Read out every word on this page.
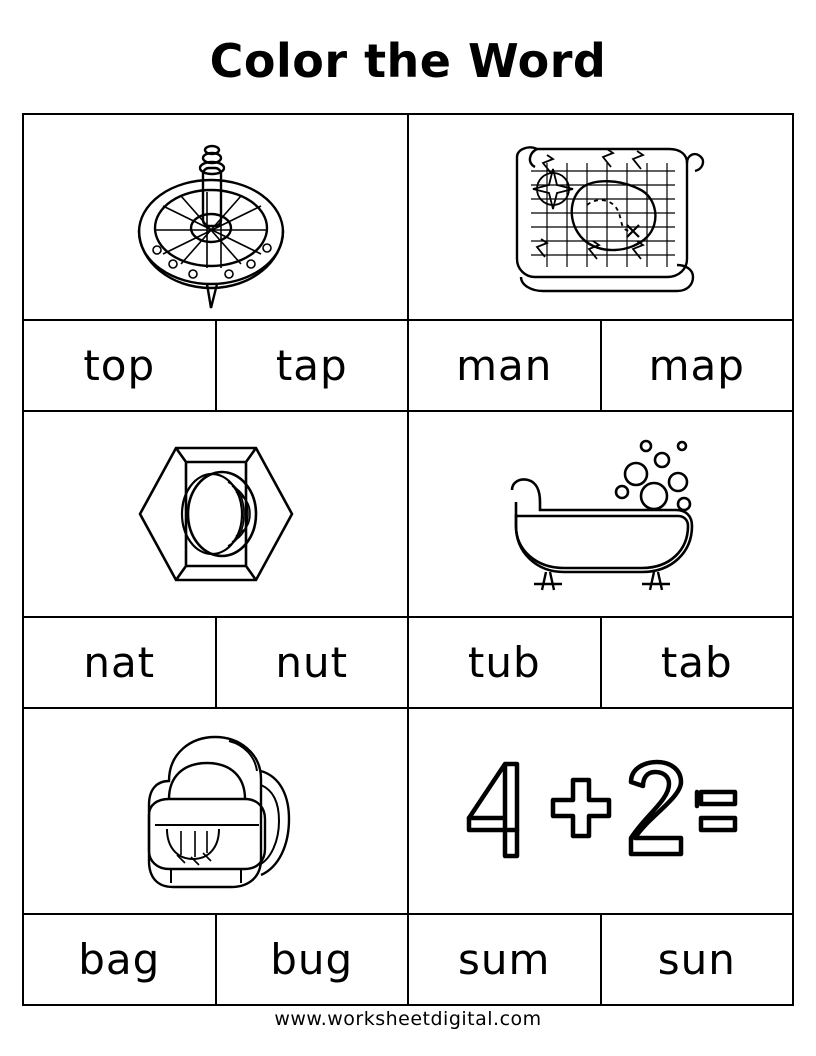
Color the Word
top	tap	man	map
nat	nut	tub	tab
bag	bug	sum	sun
www.worksheetdigital.com
